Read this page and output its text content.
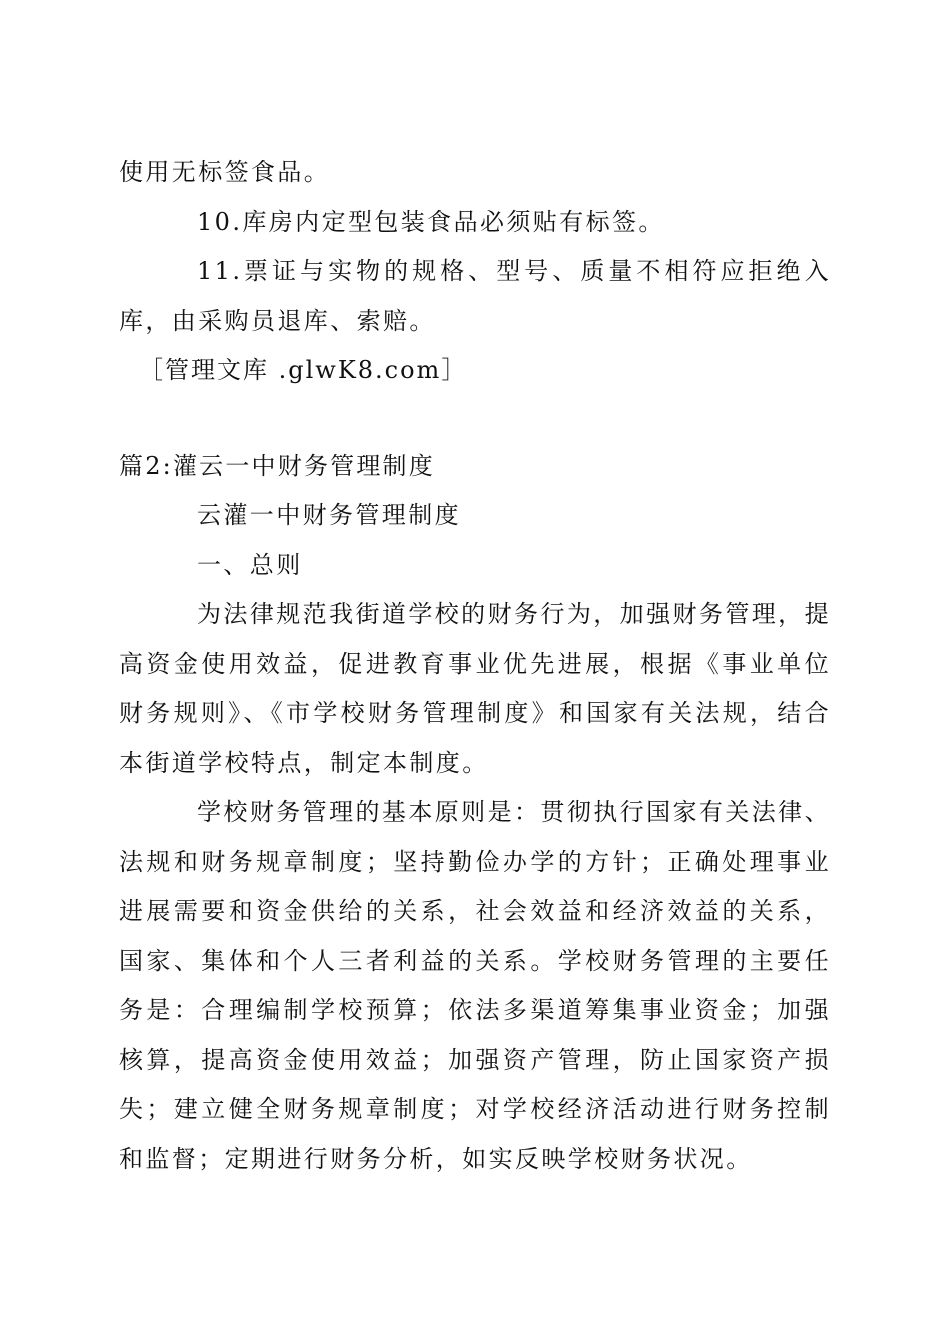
使用无标签食品。

10.库房内定型包装食品必须贴有标签。

11.票证与实物的规格、型号、质量不相符应拒绝入库，由采购员退库、索赔。

［管理文库 .glwK8.com］

篇2:灌云一中财务管理制度

云灌一中财务管理制度

一、总则

为法律规范我街道学校的财务行为，加强财务管理，提高资金使用效益，促进教育事业优先进展，根据《事业单位财务规则》、《市学校财务管理制度》和国家有关法规，结合本街道学校特点，制定本制度。

学校财务管理的基本原则是：贯彻执行国家有关法律、法规和财务规章制度；坚持勤俭办学的方针；正确处理事业进展需要和资金供给的关系，社会效益和经济效益的关系，国家、集体和个人三者利益的关系。学校财务管理的主要任务是：合理编制学校预算；依法多渠道筹集事业资金；加强核算，提高资金使用效益；加强资产管理，防止国家资产损失；建立健全财务规章制度；对学校经济活动进行财务控制和监督；定期进行财务分析，如实反映学校财务状况。
